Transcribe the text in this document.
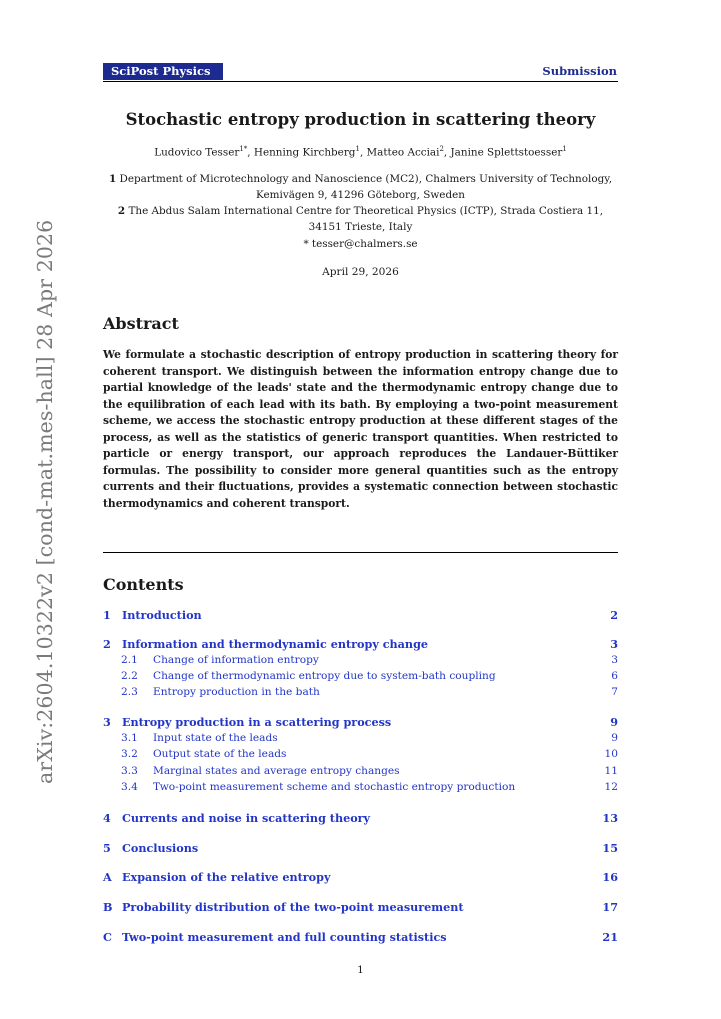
SciPost Physics	Submission
arXiv:2604.10322v2 [cond-mat.mes-hall] 28 Apr 2026
Stochastic entropy production in scattering theory
Ludovico Tesser$^{1*}$, Henning Kirchberg$^1$, Matteo Acciai$^2$, Janine Splettstoesser$^1$
1 Department of Microtechnology and Nanoscience (MC2), Chalmers University of Technology, Kemivägen 9, 41296 Göteborg, Sweden
2 The Abdus Salam International Centre for Theoretical Physics (ICTP), Strada Costiera 11, 34151 Trieste, Italy
* tesser@chalmers.se
April 29, 2026
Abstract
We formulate a stochastic description of entropy production in scattering theory for coherent transport. We distinguish between the information entropy change due to partial knowledge of the leads' state and the thermodynamic entropy change due to the equilibration of each lead with its bath. By employing a two-point measurement scheme, we access the stochastic entropy production at these different stages of the process, as well as the statistics of generic transport quantities. When restricted to particle or energy transport, our approach reproduces the Landauer-Büttiker formulas. The possibility to consider more general quantities such as the entropy currents and their fluctuations, provides a systematic connection between stochastic thermodynamics and coherent transport.
Contents
1 Introduction	2
2 Information and thermodynamic entropy change	3
2.1 Change of information entropy	3
2.2 Change of thermodynamic entropy due to system-bath coupling	6
2.3 Entropy production in the bath	7
3 Entropy production in a scattering process	9
3.1 Input state of the leads	9
3.2 Output state of the leads	10
3.3 Marginal states and average entropy changes	11
3.4 Two-point measurement scheme and stochastic entropy production	12
4 Currents and noise in scattering theory	13
5 Conclusions	15
A Expansion of the relative entropy	16
B Probability distribution of the two-point measurement	17
C Two-point measurement and full counting statistics	21
1
